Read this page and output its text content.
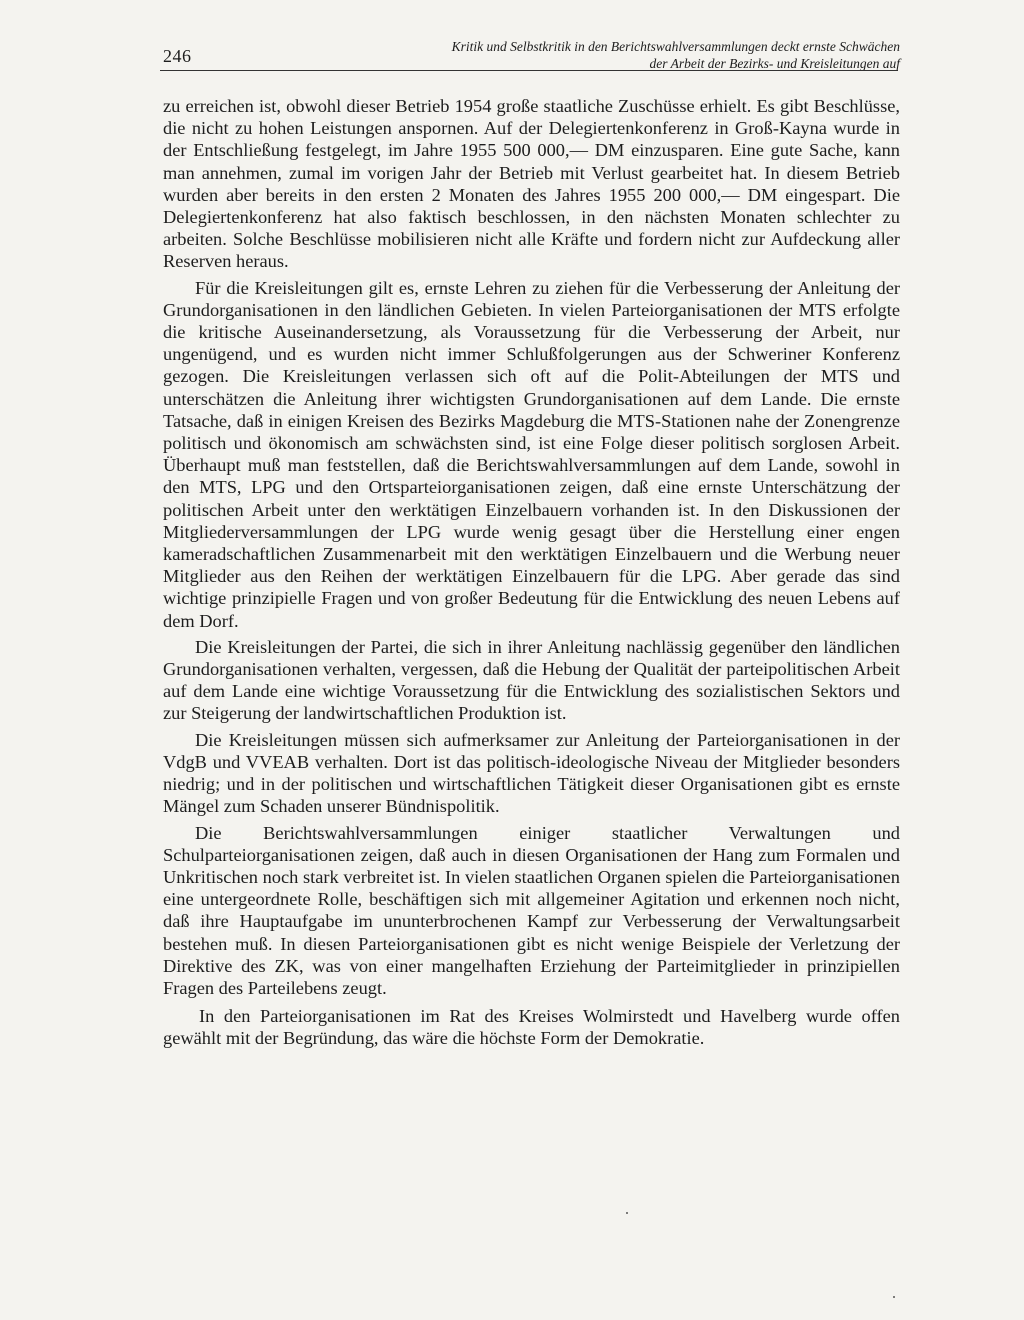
246	Kritik und Selbstkritik in den Berichtswahlversammlungen deckt ernste Schwächen
der Arbeit der Bezirks- und Kreisleitungen auf

zu erreichen ist, obwohl dieser Betrieb 1954 große staatliche Zuschüsse erhielt. Es gibt Beschlüsse, die nicht zu hohen Leistungen anspornen. Auf der Delegiertenkonferenz in Groß-Kayna wurde in der Entschließung festgelegt, im Jahre 1955 500 000,— DM einzusparen. Eine gute Sache, kann man annehmen, zumal im vorigen Jahr der Betrieb mit Verlust gearbeitet hat. In diesem Betrieb wurden aber bereits in den ersten 2 Monaten des Jahres 1955 200 000,— DM eingespart. Die Delegiertenkonferenz hat also faktisch beschlossen, in den nächsten Monaten schlechter zu arbeiten. Solche Beschlüsse mobilisieren nicht alle Kräfte und fordern nicht zur Aufdeckung aller Reserven heraus.

Für die Kreisleitungen gilt es, ernste Lehren zu ziehen für die Verbesserung der Anleitung der Grundorganisationen in den ländlichen Gebieten. In vielen Parteiorganisationen der MTS erfolgte die kritische Auseinandersetzung, als Voraussetzung für die Verbesserung der Arbeit, nur ungenügend, und es wurden nicht immer Schlußfolgerungen aus der Schweriner Konferenz gezogen. Die Kreisleitungen verlassen sich oft auf die Polit-Abteilungen der MTS und unterschätzen die Anleitung ihrer wichtigsten Grundorganisationen auf dem Lande. Die ernste Tatsache, daß in einigen Kreisen des Bezirks Magdeburg die MTS-Stationen nahe der Zonengrenze politisch und ökonomisch am schwächsten sind, ist eine Folge dieser politisch sorglosen Arbeit. Überhaupt muß man feststellen, daß die Berichtswahlversammlungen auf dem Lande, sowohl in den MTS, LPG und den Ortsparteiorganisationen zeigen, daß eine ernste Unterschätzung der politischen Arbeit unter den werktätigen Einzelbauern vorhanden ist. In den Diskussionen der Mitgliederversammlungen der LPG wurde wenig gesagt über die Herstellung einer engen kameradschaftlichen Zusammenarbeit mit den werktätigen Einzelbauern und die Werbung neuer Mitglieder aus den Reihen der werktätigen Einzelbauern für die LPG. Aber gerade das sind wichtige prinzipielle Fragen und von großer Bedeutung für die Entwicklung des neuen Lebens auf dem Dorf.

Die Kreisleitungen der Partei, die sich in ihrer Anleitung nachlässig gegenüber den ländlichen Grundorganisationen verhalten, vergessen, daß die Hebung der Qualität der parteipolitischen Arbeit auf dem Lande eine wichtige Voraussetzung für die Entwicklung des sozialistischen Sektors und zur Steigerung der landwirtschaftlichen Produktion ist.

Die Kreisleitungen müssen sich aufmerksamer zur Anleitung der Parteiorganisationen in der VdgB und VVEAB verhalten. Dort ist das politisch-ideologische Niveau der Mitglieder besonders niedrig; und in der politischen und wirtschaftlichen Tätigkeit dieser Organisationen gibt es ernste Mängel zum Schaden unserer Bündnispolitik.

Die Berichtswahlversammlungen einiger staatlicher Verwaltungen und Schulparteiorganisationen zeigen, daß auch in diesen Organisationen der Hang zum Formalen und Unkritischen noch stark verbreitet ist. In vielen staatlichen Organen spielen die Parteiorganisationen eine untergeordnete Rolle, beschäftigen sich mit allgemeiner Agitation und erkennen noch nicht, daß ihre Hauptaufgabe im ununterbrochenen Kampf zur Verbesserung der Verwaltungsarbeit bestehen muß. In diesen Parteiorganisationen gibt es nicht wenige Beispiele der Verletzung der Direktive des ZK, was von einer mangelhaften Erziehung der Parteimitglieder in prinzipiellen Fragen des Parteilebens zeugt.

In den Parteiorganisationen im Rat des Kreises Wolmirstedt und Havelberg wurde offen gewählt mit der Begründung, das wäre die höchste Form der Demokratie.
